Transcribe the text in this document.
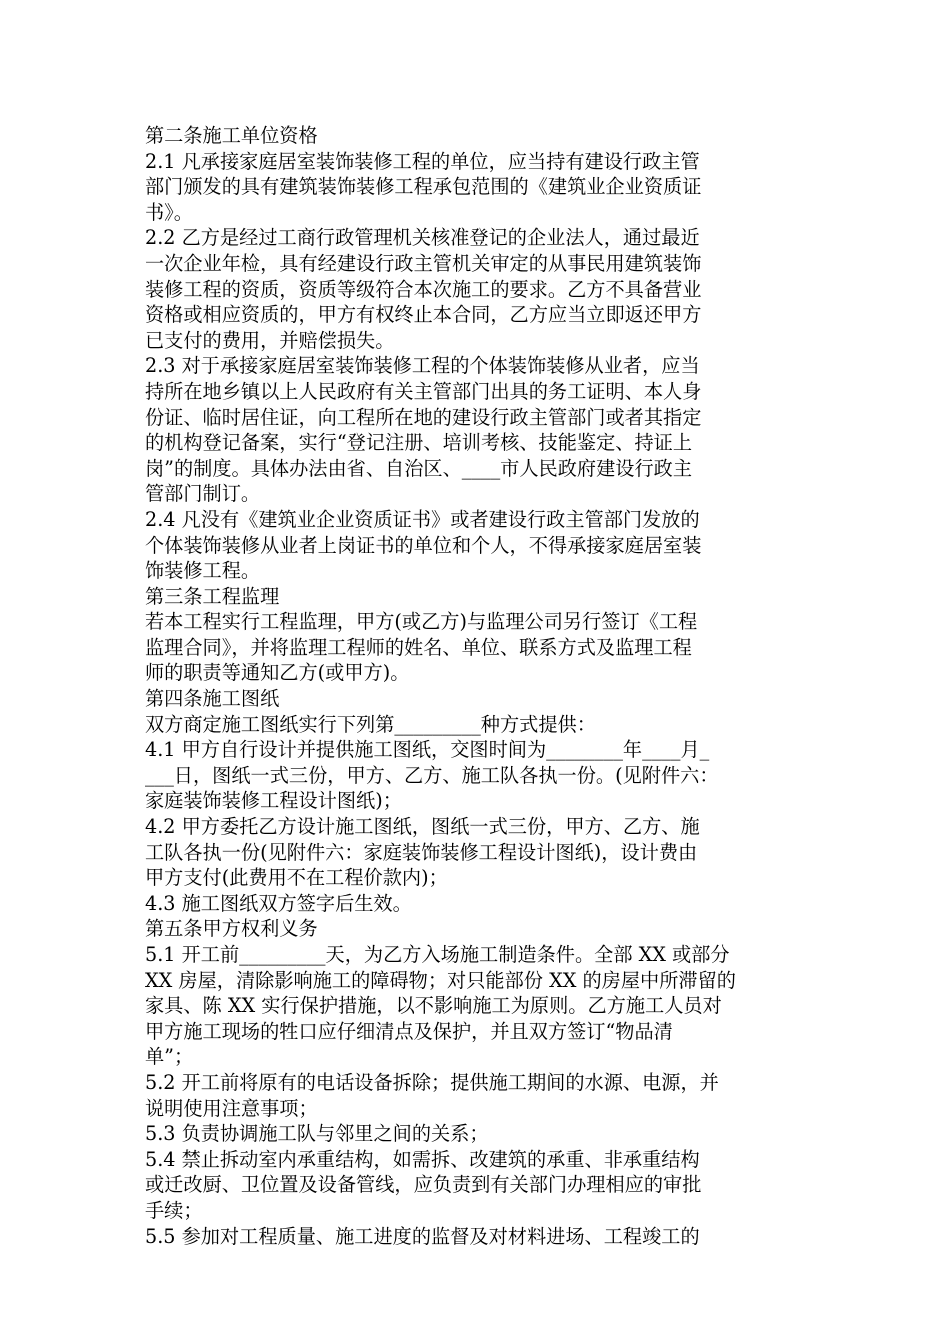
第二条施工单位资格
2.1 凡承接家庭居室装饰装修工程的单位，应当持有建设行政主管
部门颁发的具有建筑装饰装修工程承包范围的《建筑业企业资质证
书》。
2.2 乙方是经过工商行政管理机关核准登记的企业法人，通过最近
一次企业年检，具有经建设行政主管机关审定的从事民用建筑装饰
装修工程的资质，资质等级符合本次施工的要求。乙方不具备营业
资格或相应资质的，甲方有权终止本合同，乙方应当立即返还甲方
已支付的费用，并赔偿损失。
2.3 对于承接家庭居室装饰装修工程的个体装饰装修从业者，应当
持所在地乡镇以上人民政府有关主管部门出具的务工证明、本人身
份证、临时居住证，向工程所在地的建设行政主管部门或者其指定
的机构登记备案，实行“登记注册、培训考核、技能鉴定、持证上
岗”的制度。具体办法由省、自治区、____市人民政府建设行政主
管部门制订。
2.4 凡没有《建筑业企业资质证书》或者建设行政主管部门发放的
个体装饰装修从业者上岗证书的单位和个人，不得承接家庭居室装
饰装修工程。
第三条工程监理
若本工程实行工程监理，甲方(或乙方)与监理公司另行签订《工程
监理合同》，并将监理工程师的姓名、单位、联系方式及监理工程
师的职责等通知乙方(或甲方)。
第四条施工图纸
双方商定施工图纸实行下列第_________种方式提供：
4.1 甲方自行设计并提供施工图纸，交图时间为________年____月_
___日，图纸一式三份，甲方、乙方、施工队各执一份。(见附件六：
家庭装饰装修工程设计图纸)；
4.2 甲方委托乙方设计施工图纸，图纸一式三份，甲方、乙方、施
工队各执一份(见附件六：家庭装饰装修工程设计图纸)，设计费由
甲方支付(此费用不在工程价款内)；
4.3 施工图纸双方签字后生效。
第五条甲方权利义务
5.1 开工前_________天，为乙方入场施工制造条件。全部 XX 或部分
XX 房屋，清除影响施工的障碍物；对只能部份 XX 的房屋中所滞留的
家具、陈 XX 实行保护措施，以不影响施工为原则。乙方施工人员对
甲方施工现场的牲口应仔细清点及保护，并且双方签订“物品清
单”；
5.2 开工前将原有的电话设备拆除；提供施工期间的水源、电源，并
说明使用注意事项；
5.3 负责协调施工队与邻里之间的关系；
5.4 禁止拆动室内承重结构，如需拆、改建筑的承重、非承重结构
或迁改厨、卫位置及设备管线，应负责到有关部门办理相应的审批
手续；
5.5 参加对工程质量、施工进度的监督及对材料进场、工程竣工的
